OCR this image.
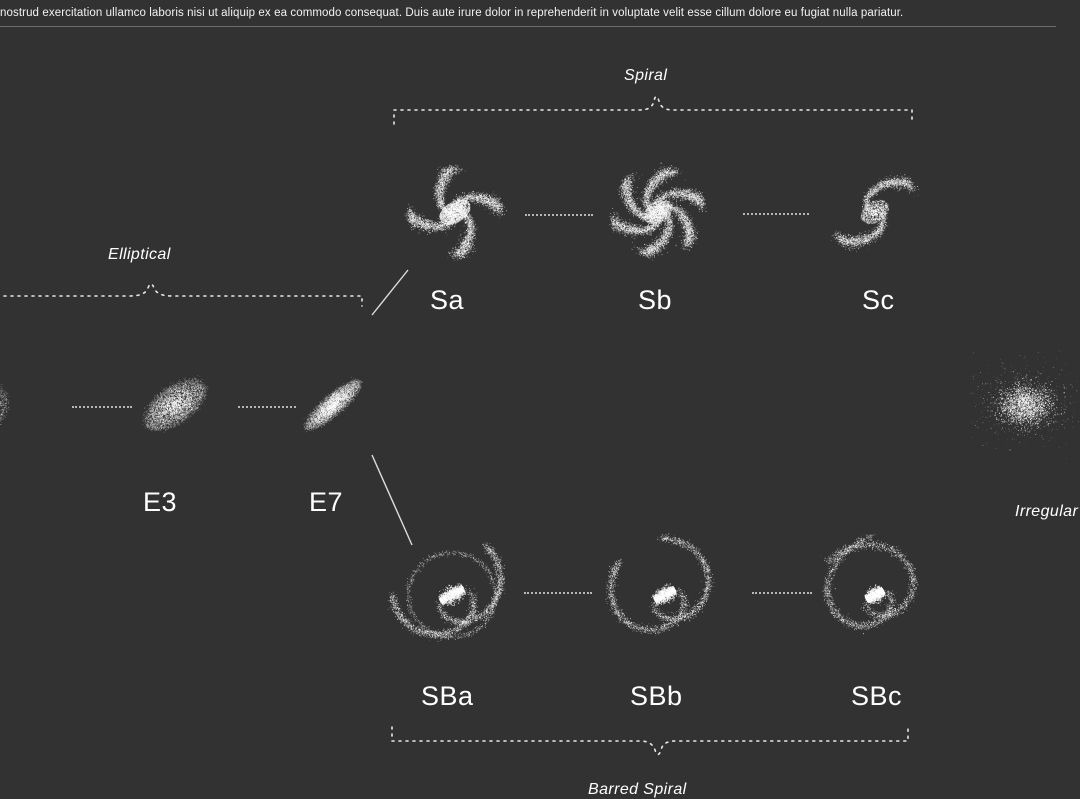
nostrud exercitation ullamco laboris nisi ut aliquip ex ea commodo consequat. Duis aute irure dolor in reprehenderit in voluptate velit esse cillum dolore eu fugiat nulla pariatur.
Elliptical
Spiral
Barred Spiral
Irregular
E3	E7
Sa	Sb	Sc
SBa	SBb	SBc
